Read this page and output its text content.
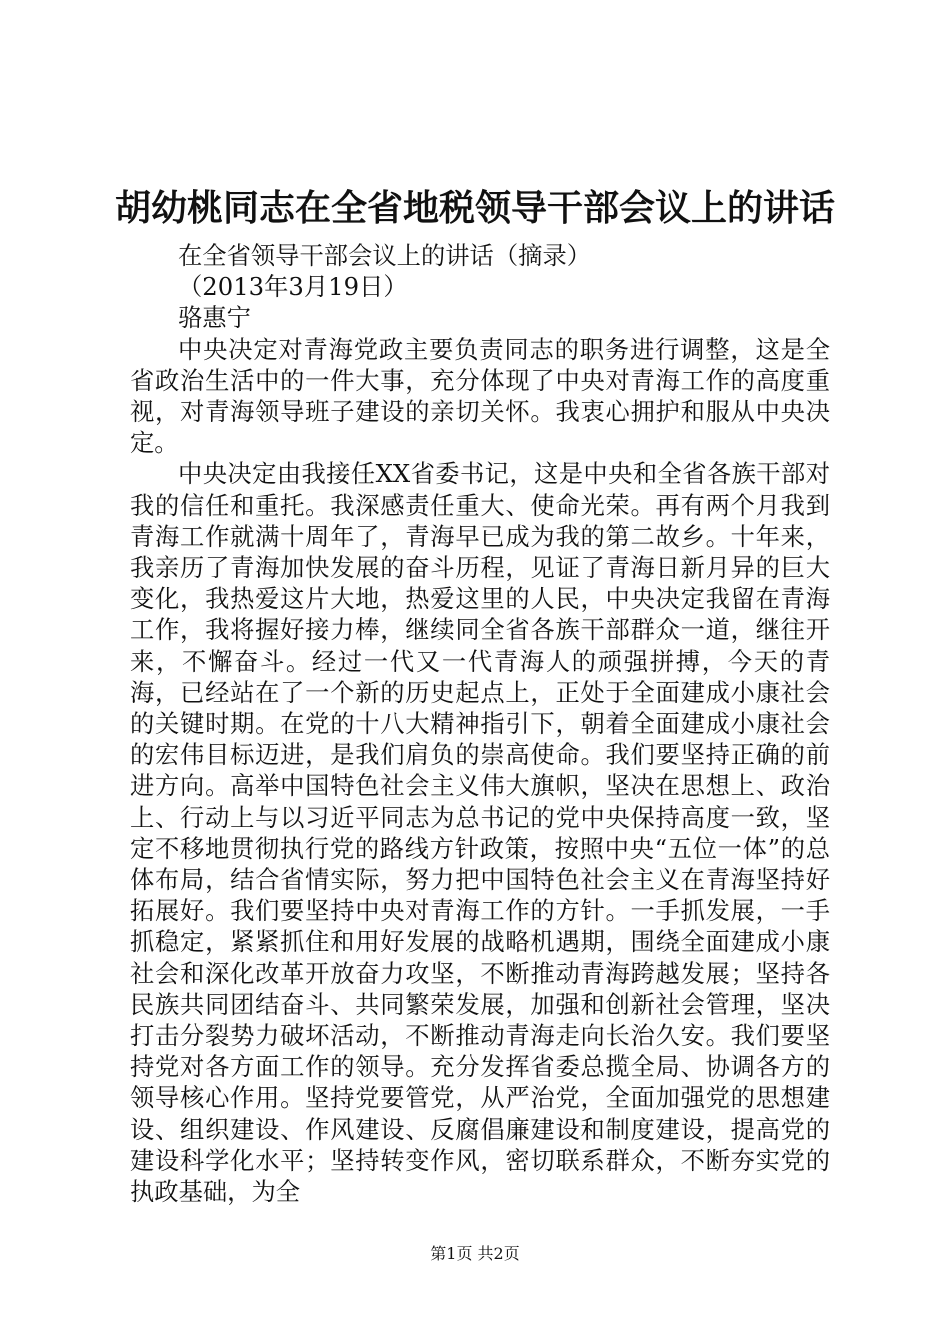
胡幼桃同志在全省地税领导干部会议上的讲话

在全省领导干部会议上的讲话（摘录）

（2013年3月19日）

骆惠宁

中央决定对青海党政主要负责同志的职务进行调整，这是全省政治生活中的一件大事，充分体现了中央对青海工作的高度重视，对青海领导班子建设的亲切关怀。我衷心拥护和服从中央决定。

中央决定由我接任XX省委书记，这是中央和全省各族干部对我的信任和重托。我深感责任重大、使命光荣。再有两个月我到青海工作就满十周年了，青海早已成为我的第二故乡。十年来，我亲历了青海加快发展的奋斗历程，见证了青海日新月异的巨大变化，我热爱这片大地，热爱这里的人民，中央决定我留在青海工作，我将握好接力棒，继续同全省各族干部群众一道，继往开来，不懈奋斗。经过一代又一代青海人的顽强拼搏，今天的青海，已经站在了一个新的历史起点上，正处于全面建成小康社会的关键时期。在党的十八大精神指引下，朝着全面建成小康社会的宏伟目标迈进，是我们肩负的崇高使命。我们要坚持正确的前进方向。高举中国特色社会主义伟大旗帜，坚决在思想上、政治上、行动上与以习近平同志为总书记的党中央保持高度一致，坚定不移地贯彻执行党的路线方针政策，按照中央“五位一体”的总体布局，结合省情实际，努力把中国特色社会主义在青海坚持好拓展好。我们要坚持中央对青海工作的方针。一手抓发展，一手抓稳定，紧紧抓住和用好发展的战略机遇期，围绕全面建成小康社会和深化改革开放奋力攻坚，不断推动青海跨越发展；坚持各民族共同团结奋斗、共同繁荣发展，加强和创新社会管理，坚决打击分裂势力破坏活动，不断推动青海走向长治久安。我们要坚持党对各方面工作的领导。充分发挥省委总揽全局、协调各方的领导核心作用。坚持党要管党，从严治党，全面加强党的思想建设、组织建设、作风建设、反腐倡廉建设和制度建设，提高党的建设科学化水平；坚持转变作风，密切联系群众，不断夯实党的执政基础，为全

第1页 共2页
